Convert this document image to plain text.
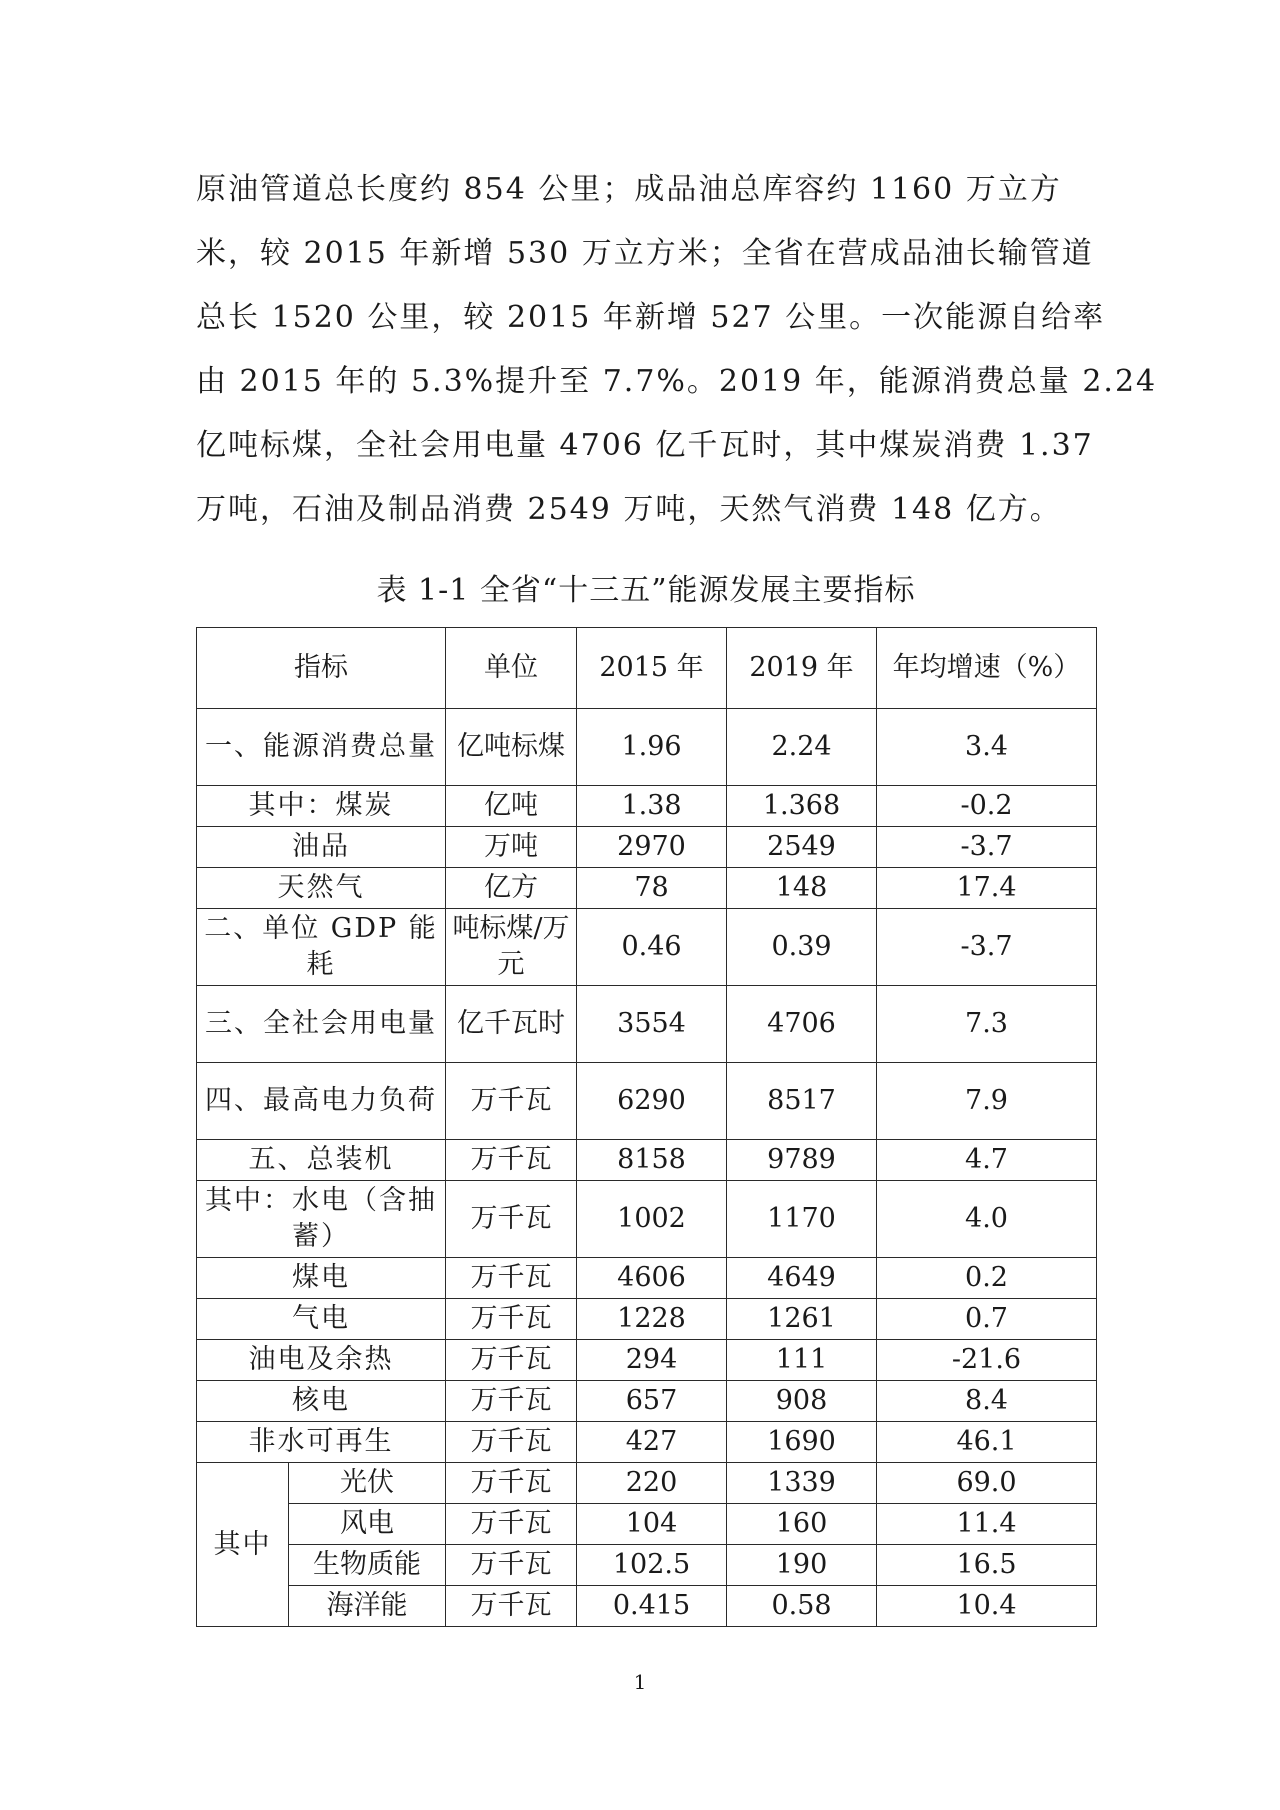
原油管道总长度约 854 公里；成品油总库容约 1160 万立方
米，较 2015 年新增 530 万立方米；全省在营成品油长输管道
总长 1520 公里，较 2015 年新增 527 公里。一次能源自给率
由 2015 年的 5.3%提升至 7.7%。2019 年，能源消费总量 2.24
亿吨标煤，全社会用电量 4706 亿千瓦时，其中煤炭消费 1.37
万吨，石油及制品消费 2549 万吨，天然气消费 148 亿方。
表 1-1 全省“十三五”能源发展主要指标
指标		单位	2015 年	2019 年	年均增速（%）
一、能源消费总量		亿吨标煤	1.96	2.24	3.4
其中：煤炭		亿吨	1.38	1.368	-0.2
油品		万吨	2970	2549	-3.7
天然气		亿方	78	148	17.4
二、单位 GDP 能耗		吨标煤/万元	0.46	0.39	-3.7
三、全社会用电量		亿千瓦时	3554	4706	7.3
四、最高电力负荷		万千瓦	6290	8517	7.9
五、总装机		万千瓦	8158	9789	4.7
其中：水电（含抽蓄）		万千瓦	1002	1170	4.0
煤电		万千瓦	4606	4649	0.2
气电		万千瓦	1228	1261	0.7
油电及余热		万千瓦	294	111	-21.6
核电		万千瓦	657	908	8.4
非水可再生		万千瓦	427	1690	46.1
其中	光伏	万千瓦	220	1339	69.0
	风电	万千瓦	104	160	11.4
	生物质能	万千瓦	102.5	190	16.5
	海洋能	万千瓦	0.415	0.58	10.4
1
